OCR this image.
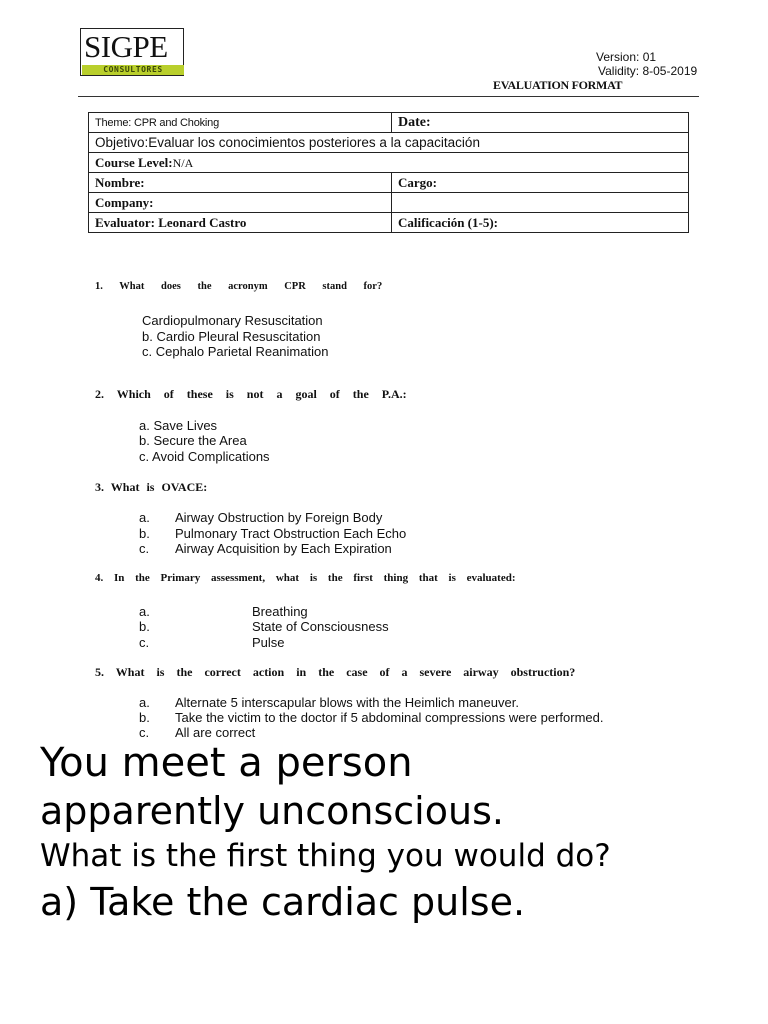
SIGPE
CONSULTORES
Version: 01
Validity: 8-05-2019
EVALUATION FORMAT
Theme: CPR and Choking	Date:
Objetivo:Evaluar los conocimientos posteriores a la capacitación	
Course Level:N/A	
Nombre:	Cargo:
Company:	
Evaluator: Leonard Castro	Calificación (1-5):
1. What does the acronym CPR stand for?
Cardiopulmonary Resuscitation
b. Cardio Pleural Resuscitation
c. Cephalo Parietal Reanimation
2. Which of these is not a goal of the P.A.:
a. Save Lives
b. Secure the Area
c. Avoid Complications
3. What is OVACE:
a. Airway Obstruction by Foreign Body
b. Pulmonary Tract Obstruction Each Echo
c. Airway Acquisition by Each Expiration
4. In the Primary assessment, what is the first thing that is evaluated:
a.	Breathing
b.	State of Consciousness
c.	Pulse
5. What is the correct action in the case of a severe airway obstruction?
a. Alternate 5 interscapular blows with the Heimlich maneuver.
b. Take the victim to the doctor if 5 abdominal compressions were performed.
c. All are correct
You meet a person
apparently unconscious.
What is the first thing you would do?
a) Take the cardiac pulse.
